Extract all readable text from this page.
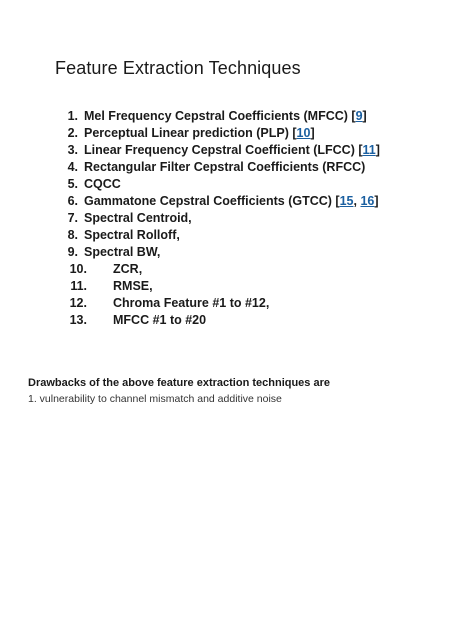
Feature Extraction Techniques
1. Mel Frequency Cepstral Coefficients (MFCC) [9]
2. Perceptual Linear prediction (PLP) [10]
3. Linear Frequency Cepstral Coefficient (LFCC) [11]
4. Rectangular Filter Cepstral Coefficients (RFCC)
5. CQCC
6. Gammatone Cepstral Coefficients (GTCC) [15, 16]
7. Spectral Centroid,
8. Spectral Rolloff,
9. Spectral BW,
10. ZCR,
11. RMSE,
12. Chroma Feature #1 to #12,
13. MFCC #1 to #20
Drawbacks of the above feature extraction techniques are
1. vulnerability to channel mismatch and additive noise
